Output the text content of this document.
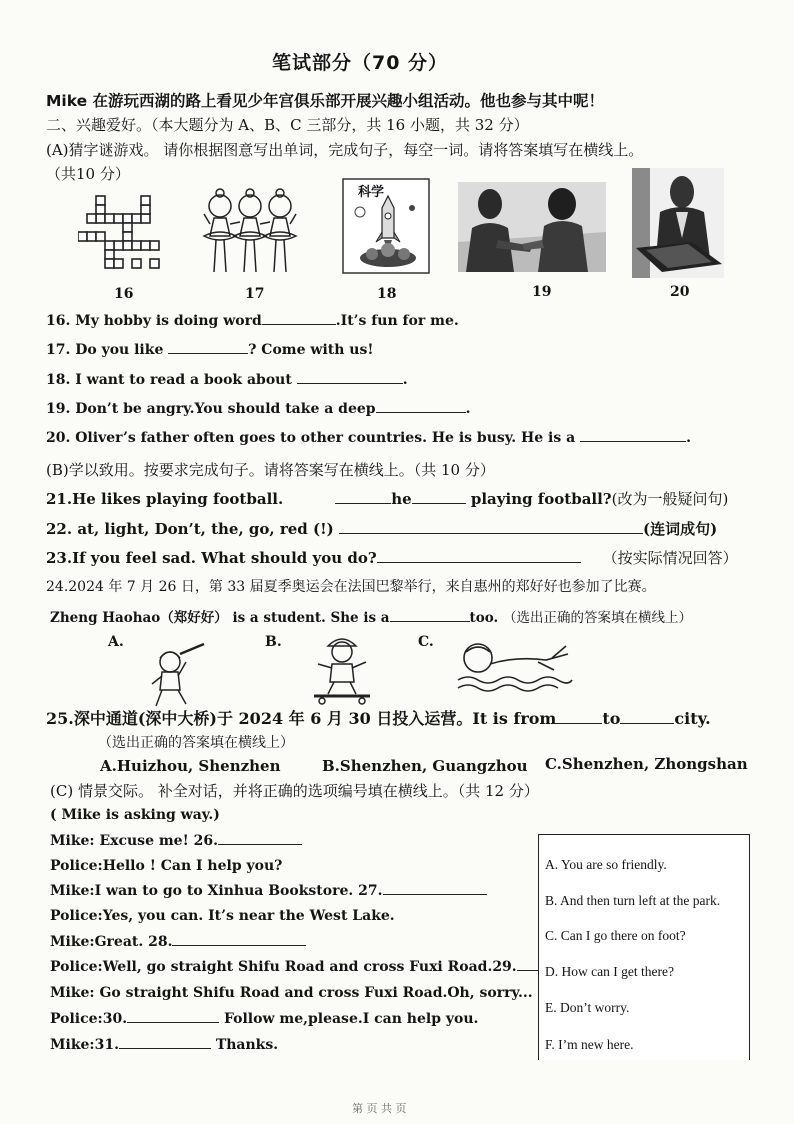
笔试部分（70 分）
Mike 在游玩西湖的路上看见少年宫俱乐部开展兴趣小组活动。他也参与其中呢！
二、兴趣爱好。（本大题分为 A、B、C 三部分，共 16 小题，共 32 分）
(A)猜字谜游戏。 请你根据图意写出单词，完成句子，每空一词。请将答案填写在横线上。
（共10 分）
科学
16	17	18	19	20
16. My hobby is doing word	.It’s fun for me.
17. Do you like	? Come with us!
18. I want to read a book about	.
19. Don’t be angry.You should take a deep	.
20. Oliver’s father often goes to other countries. He is busy. He is a	.
(B)学以致用。按要求完成句子。请将答案写在横线上。（共 10 分）
21.He likes playing football.	he	playing football?(改为一般疑问句)
22. at, light, Don’t, the, go, red (!)	(连词成句)
23.If you feel sad. What should you do?	（按实际情况回答）
24.2024 年 7 月 26 日，第 33 届夏季奥运会在法国巴黎举行，来自惠州的郑好好也参加了比赛。
Zheng Haohao（郑好好） is a student. She is a	too. （选出正确的答案填在横线上）
A.	B.	C.
25.深中通道(深中大桥)于 2024 年 6 月 30 日投入运营。It is from	to	city.
（选出正确的答案填在横线上）
A.Huizhou, Shenzhen	B.Shenzhen, Guangzhou C.Shenzhen, Zhongshan
(C) 情景交际。 补全对话，并将正确的选项编号填在横线上。（共 12 分）
( Mike is asking way.)
Mike: Excuse me! 26.
Police:Hello ! Can I help you?
Mike:I wan to go to Xinhua Bookstore. 27.
Police:Yes, you can. It’s near the West Lake.
Mike:Great. 28.
Police:Well, go straight Shifu Road and cross Fuxi Road.29.
Mike: Go straight Shifu Road and cross Fuxi Road.Oh, sorry...
Police:30.	Follow me,please.I can help you.
Mike:31.	Thanks.
A. You are so friendly.
B. And then turn left at the park.
C. Can I go there on foot?
D. How can I get there?
E. Don’t worry.
F. I’m new here.
第 页 共 页
